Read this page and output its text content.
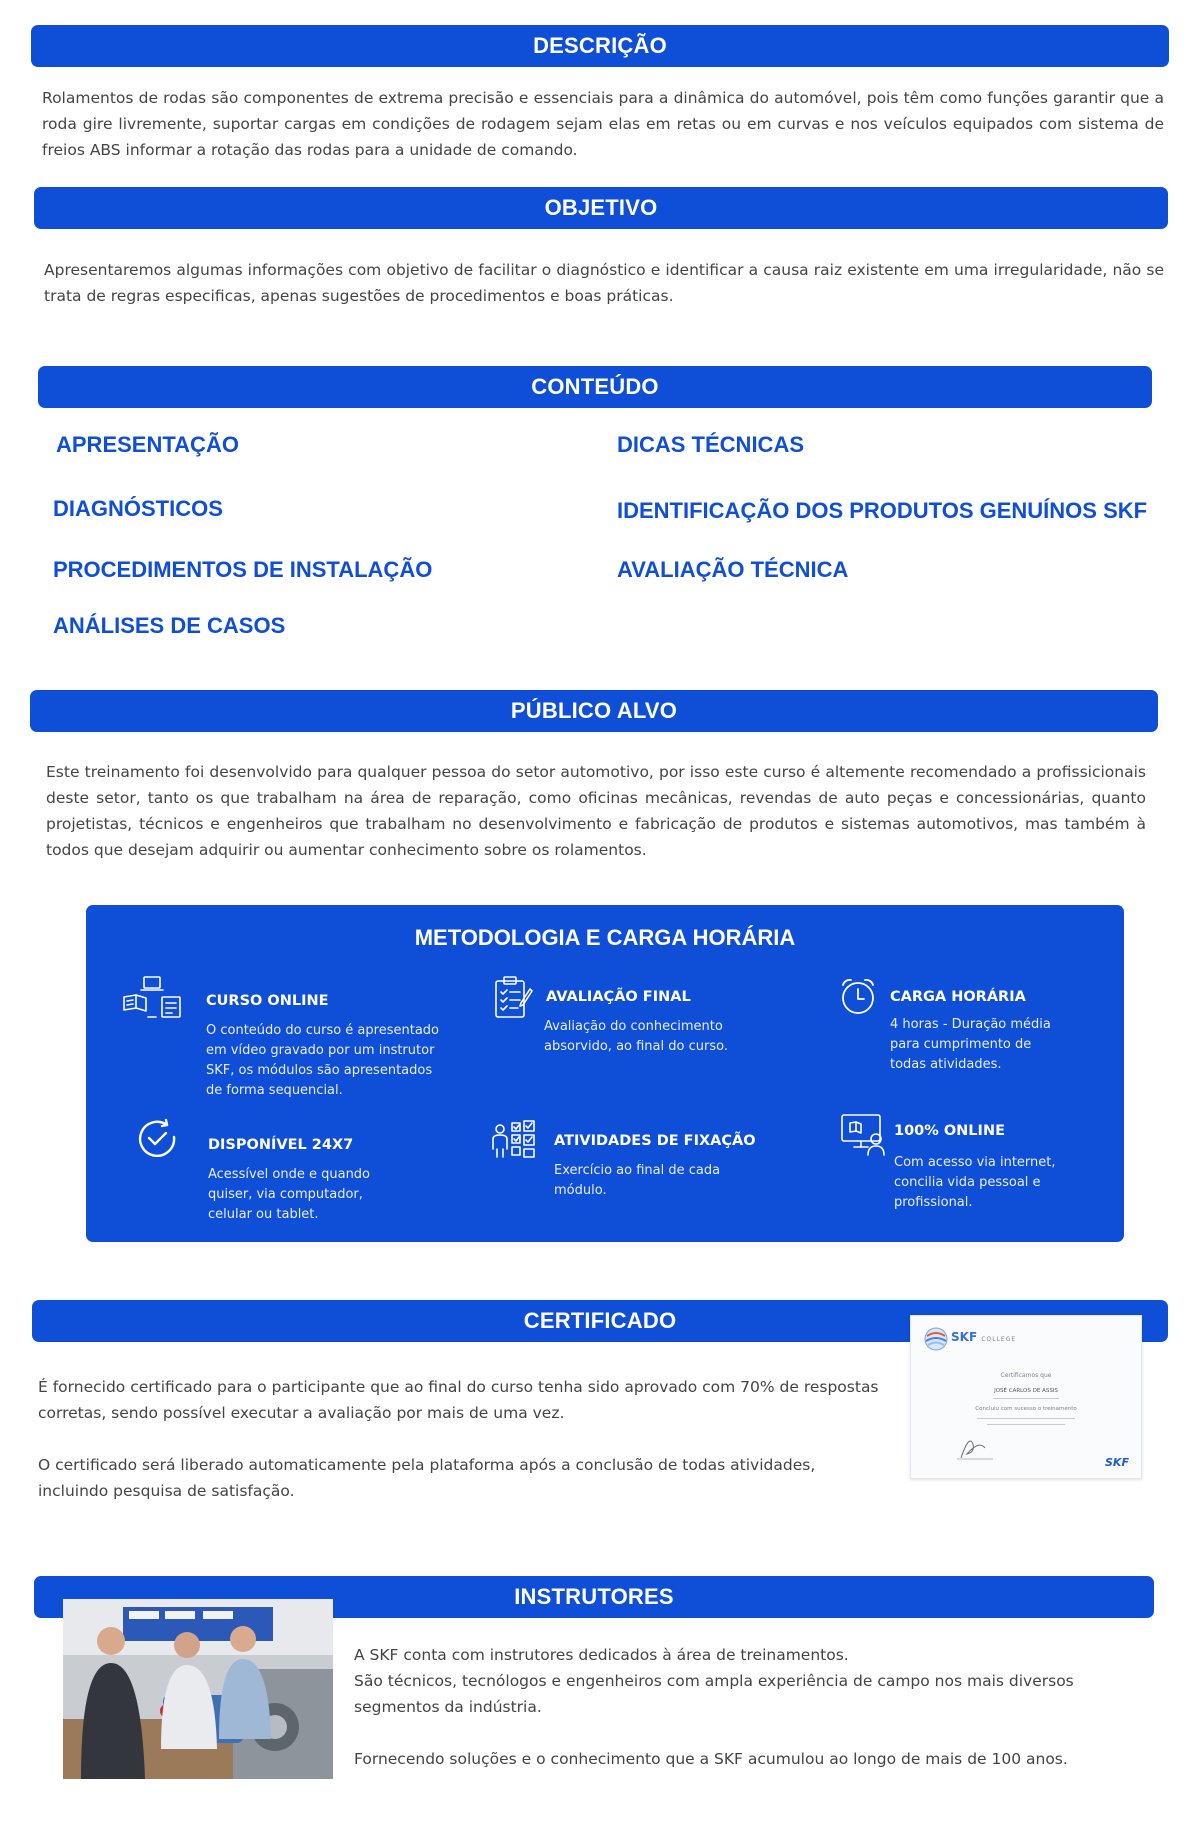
DESCRIÇÃO

Rolamentos de rodas são componentes de extrema precisão e essenciais para a dinâmica do automóvel, pois têm como funções garantir que a roda gire livremente, suportar cargas em condições de rodagem sejam elas em retas ou em curvas e nos veículos equipados com sistema de freios ABS informar a rotação das rodas para a unidade de comando.

OBJETIVO

Apresentaremos algumas informações com objetivo de facilitar o diagnóstico e identificar a causa raiz existente em uma irregularidade, não se trata de regras especificas, apenas sugestões de procedimentos e boas práticas.

CONTEÚDO
APRESENTAÇÃO	DICAS TÉCNICAS
DIAGNÓSTICOS	IDENTIFICAÇÃO DOS PRODUTOS GENUÍNOS SKF
PROCEDIMENTOS DE INSTALAÇÃO	AVALIAÇÃO TÉCNICA
ANÁLISES DE CASOS
PÚBLICO ALVO

Este treinamento foi desenvolvido para qualquer pessoa do setor automotivo, por isso este curso é altemente recomendado a profissicionais deste setor, tanto os que trabalham na área de reparação, como oficinas mecânicas, revendas de auto peças e concessionárias, quanto projetistas, técnicos e engenheiros que trabalham no desenvolvimento e fabricação de produtos e sistemas automotivos, mas também à todos que desejam adquirir ou aumentar conhecimento sobre os rolamentos.

METODOLOGIA E CARGA HORÁRIA
CURSO ONLINE

O conteúdo do curso é apresentado em vídeo gravado por um instrutor SKF, os módulos são apresentados de forma sequencial.

AVALIAÇÃO FINAL

Avaliação do conhecimento absorvido, ao final do curso.

CARGA HORÁRIA

4 horas - Duração média para cumprimento de todas atividades.

DISPONÍVEL 24X7

Acessível onde e quando quiser, via computador, celular ou tablet.

ATIVIDADES DE FIXAÇÃO

Exercício ao final de cada módulo.

100% ONLINE

Com acesso via internet, concilia vida pessoal e profissional.

CERTIFICADO
SKF COLLEGE
Certificamos que
JOSÉ CARLOS DE ASSIS
Concluiu com sucesso o treinamento
SKF

É fornecido certificado para o participante que ao final do curso tenha sido aprovado com 70% de respostas corretas, sendo possível executar a avaliação por mais de uma vez.

O certificado será liberado automaticamente pela plataforma após a conclusão de todas atividades, incluindo pesquisa de satisfação.

INSTRUTORES

A SKF conta com instrutores dedicados à área de treinamentos.

São técnicos, tecnólogos e engenheiros com ampla experiência de campo nos mais diversos segmentos da indústria.

Fornecendo soluções e o conhecimento que a SKF acumulou ao longo de mais de 100 anos.
